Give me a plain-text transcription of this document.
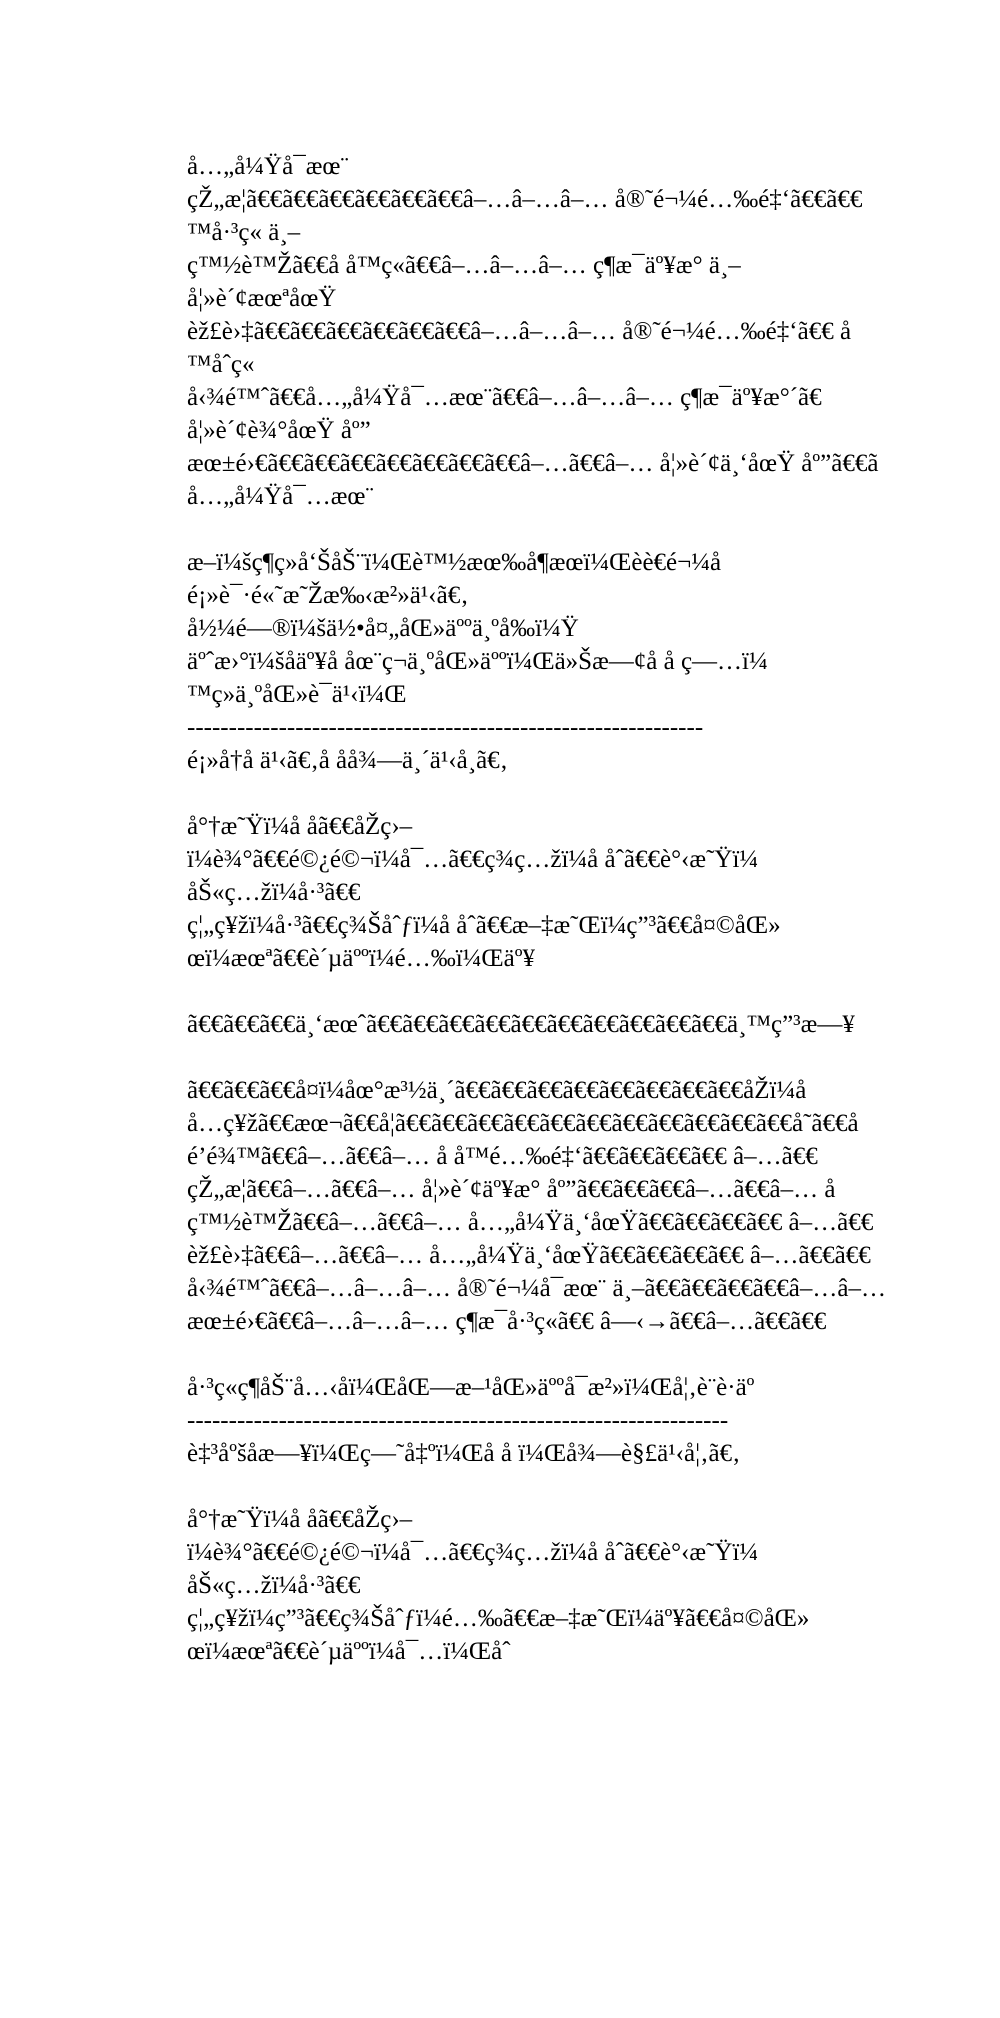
å…„å¼Ÿå¯æœ¨
çŽ„æ¦ã€€ã€€ã€€ã€€ã€€ã€€â–…â–…â–… å®˜é¬¼é…‰é‡‘ã€€ã€€
™å·³ç« ä¸–
ç™½è™Žã€€å å™ç«ã€€â–…â–…â–… ç¶æ¯äº¥æ° ä¸–
å¦»è´¢æœªåœŸ
èž£è›‡ã€€ã€€ã€€ã€€ã€€ã€€â–…â–…â–… å®˜é¬¼é…‰é‡‘ã€€ å
™åˆç«
å‹¾é™ˆã€€å…„å¼Ÿå¯…æœ¨ã€€â–…â–…â–… ç¶æ¯äº¥æ°´ã€
å¦»è´¢è¾°åœŸ åº”
æœ±é›€ã€€ã€€ã€€ã€€ã€€ã€€ã€€â–…ã€€â–… å¦»è´¢ä¸‘åœŸ åº”ã€€ã
å…„å¼Ÿå¯…æœ¨
æ–ï¼šç¶ç»å‘ŠåŠ¨ï¼Œè™½æœ‰å¶æœï¼Œèè€é¬¼å
é¡»è¯·é«˜æ˜Žæ‰‹æ²»ä¹‹ã€‚
å½¼é—®ï¼šä½•å¤„åŒ»äººä¸ºå‰ï¼Ÿ
äºˆæ›°ï¼šåäº¥å åœ¨ç¬ä¸ºåŒ»äººï¼Œä»Šæ—¢å å ç—…ï¼
™ç»ä¸ºåŒ»è¯ä¹‹ï¼Œ
--------------------------------------------------------------
é¡»å†å ä¹‹ã€‚å åå¾—ä¸´ä¹‹å¸ã€‚
å°†æ˜Ÿï¼å åã€€åŽç›–
ï¼è¾°ã€€é©¿é©¬ï¼å¯…ã€€ç¾ç…žï¼å åˆã€€è°‹æ˜Ÿï¼
åŠ«ç…žï¼å·³ã€€
ç¦„ç¥žï¼å·³ã€€ç¾Šåˆƒï¼å åˆã€€æ–‡æ˜Œï¼ç”³ã€€å¤©åŒ»
œï¼æœªã€€è´µäººï¼é…‰ï¼Œäº¥
ã€€ã€€ã€€ä¸‘æœˆã€€ã€€ã€€ã€€ã€€ã€€ã€€ã€€ã€€ã€€ä¸™ç”³æ—¥
ã€€ã€€ã€€å¤ï¼åœ°æ³½ä¸´ã€€ã€€ã€€ã€€ã€€ã€€ã€€ã€€åŽï¼å
å…ç¥žã€€æœ¬ã€€å¦ã€€ã€€ã€€ã€€ã€€ã€€ã€€ã€€ã€€ã€€ã€€å˜ã€€å
é’é¾™ã€€â–…ã€€â–… å å™é…‰é‡‘ã€€ã€€ã€€ã€€ â–…ã€€
çŽ„æ¦ã€€â–…ã€€â–… å¦»è´¢äº¥æ° åº”ã€€ã€€ã€€â–…ã€€â–… å
ç™½è™Žã€€â–…ã€€â–… å…„å¼Ÿä¸‘åœŸã€€ã€€ã€€ã€€ â–…ã€€
èž£è›‡ã€€â–…ã€€â–… å…„å¼Ÿä¸‘åœŸã€€ã€€ã€€ã€€ â–…ã€€ã€€
å‹¾é™ˆã€€â–…â–…â–… å®˜é¬¼å¯æœ¨ ä¸–ã€€ã€€ã€€ã€€â–…â–…
æœ±é›€ã€€â–…â–…â–… ç¶æ¯å·³ç«ã€€ â—‹→ã€€â–…ã€€ã€€
å·³ç«ç¶åŠ¨å…‹åï¼ŒåŒ—æ–¹åŒ»äººå¯æ²»ï¼Œå¦‚è¨è·äº
-----------------------------------------------------------------
è‡³åºšåæ—¥ï¼Œç—˜å‡ºï¼Œå å ï¼Œå¾—è§£ä¹‹å¦‚ã€‚
å°†æ˜Ÿï¼å åã€€åŽç›–
ï¼è¾°ã€€é©¿é©¬ï¼å¯…ã€€ç¾ç…žï¼å åˆã€€è°‹æ˜Ÿï¼
åŠ«ç…žï¼å·³ã€€
ç¦„ç¥žï¼ç”³ã€€ç¾Šåˆƒï¼é…‰ã€€æ–‡æ˜Œï¼äº¥ã€€å¤©åŒ»
œï¼æœªã€€è´µäººï¼å¯…ï¼Œåˆ
